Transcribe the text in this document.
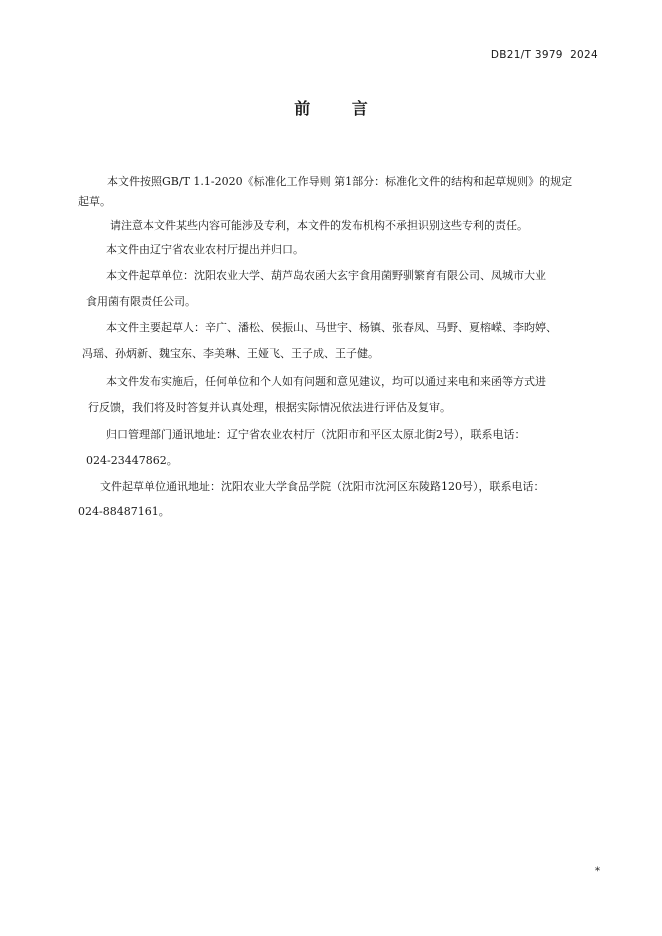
DB21/T 3979  2024
前 言
本文件按照GB/T 1.1-2020《标准化工作导则 第1部分：标准化文件的结构和起草规则》的规定
起草。
请注意本文件某些内容可能涉及专利，本文件的发布机构不承担识别这些专利的责任。
本文件由辽宁省农业农村厅提出并归口。
本文件起草单位：沈阳农业大学、葫芦岛农函大玄宇食用菌野驯繁育有限公司、凤城市大业
食用菌有限责任公司。
本文件主要起草人：辛广、潘松、侯振山、马世宇、杨镇、张春凤、马野、夏榕嵘、李昀婷、
冯瑶、孙炳新、魏宝东、李美琳、王娅飞、王子成、王子健。
本文件发布实施后，任何单位和个人如有问题和意见建议，均可以通过来电和来函等方式进
行反馈，我们将及时答复并认真处理，根据实际情况依法进行评估及复审。
归口管理部门通讯地址：辽宁省农业农村厅（沈阳市和平区太原北街2号），联系电话：
024-23447862。
文件起草单位通讯地址：沈阳农业大学食品学院（沈阳市沈河区东陵路120号），联系电话：
024-88487161。
*
